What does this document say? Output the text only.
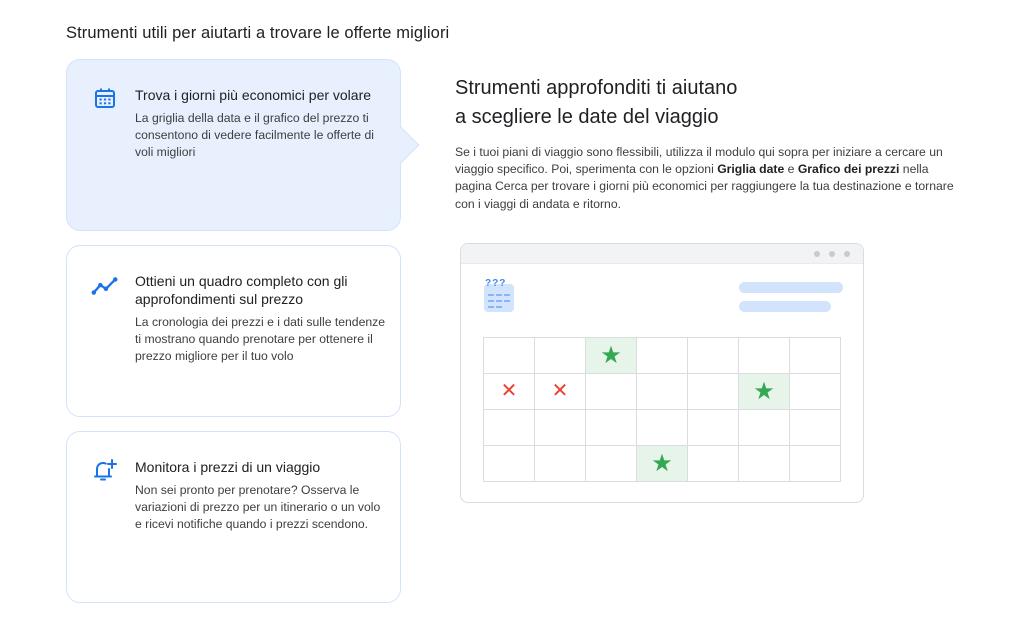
Strumenti utili per aiutarti a trovare le offerte migliori
Trova i giorni più economici per volare
La griglia della data e il grafico del prezzo ti consentono di vedere facilmente le offerte di voli migliori
Ottieni un quadro completo con gli approfondimenti sul prezzo
La cronologia dei prezzi e i dati sulle tendenze ti mostrano quando prenotare per ottenere il prezzo migliore per il tuo volo
Monitora i prezzi di un viaggio
Non sei pronto per prenotare? Osserva le variazioni di prezzo per un itinerario o un volo e ricevi notifiche quando i prezzi scendono.
Strumenti approfonditi ti aiutano
a scegliere le date del viaggio
Se i tuoi piani di viaggio sono flessibili, utilizza il modulo qui sopra per iniziare a cercare un viaggio specifico. Poi, sperimenta con le opzioni Griglia date e Grafico dei prezzi nella pagina Cerca per trovare i giorni più economici per raggiungere la tua destinazione e tornare con i viaggi di andata e ritorno.
???
		★				
✕	✕				★	

			★			
